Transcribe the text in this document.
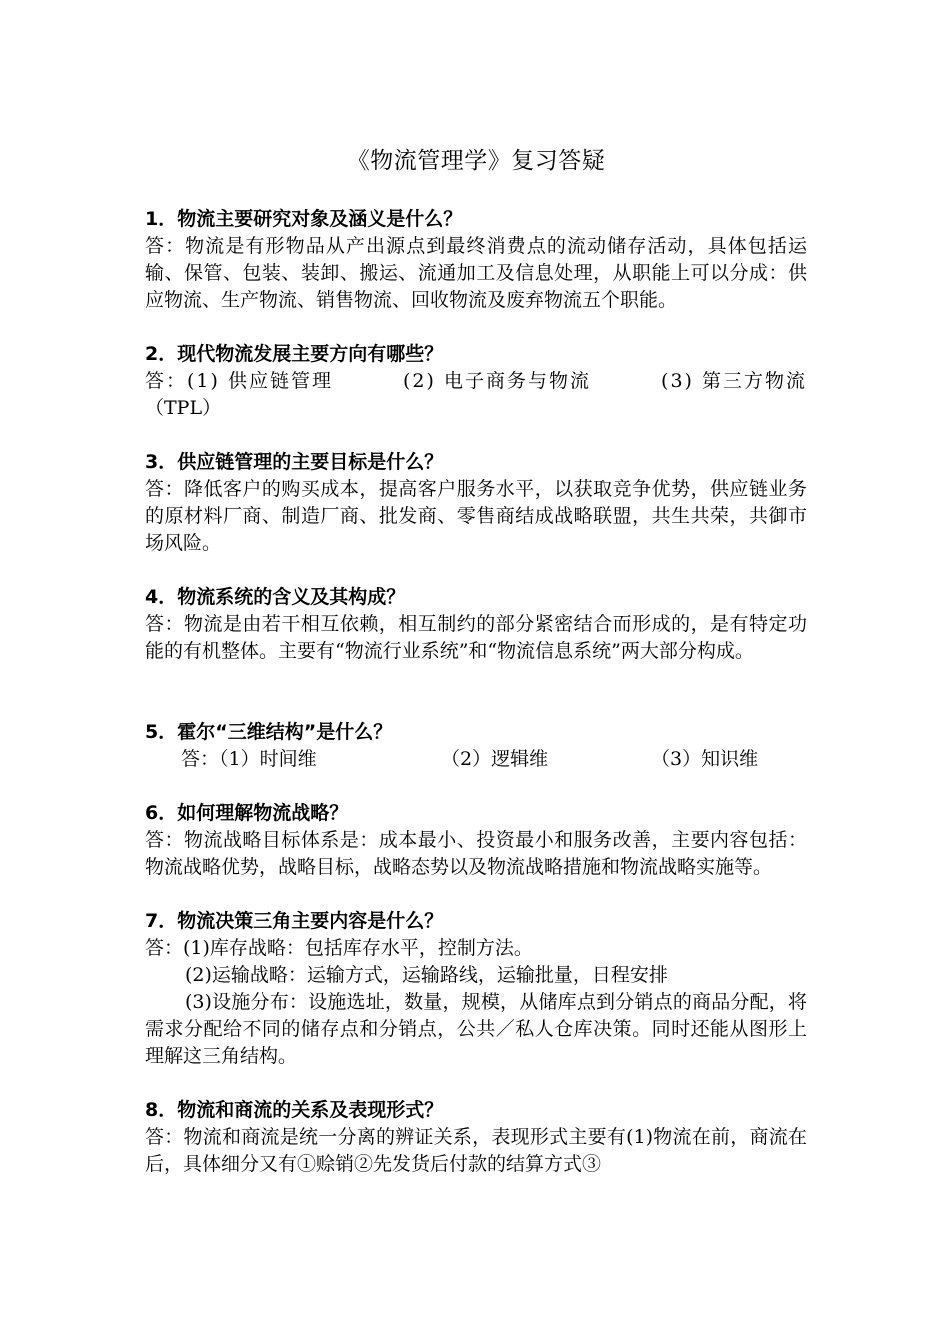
《物流管理学》复习答疑

1．物流主要研究对象及涵义是什么？

答：物流是有形物品从产出源点到最终消费点的流动储存活动，具体包括运输、保管、包装、装卸、搬运、流通加工及信息处理，从职能上可以分成：供应物流、生产物流、销售物流、回收物流及废弃物流五个职能。

2．现代物流发展主要方向有哪些？

答：(1) 供应链管理	(2) 电子商务与物流	(3) 第三方物流

（TPL）

3．供应链管理的主要目标是什么？

答：降低客户的购买成本，提高客户服务水平，以获取竞争优势，供应链业务的原材料厂商、制造厂商、批发商、零售商结成战略联盟，共生共荣，共御市场风险。

4．物流系统的含义及其构成？

答：物流是由若干相互依赖，相互制约的部分紧密结合而形成的，是有特定功能的有机整体。主要有“物流行业系统”和“物流信息系统”两大部分构成。

5．霍尔“三维结构”是什么？

答：（1）时间维	（2）逻辑维	（3）知识维

6．如何理解物流战略？

答：物流战略目标体系是：成本最小、投资最小和服务改善，主要内容包括：物流战略优势，战略目标，战略态势以及物流战略措施和物流战略实施等。

7．物流决策三角主要内容是什么？

答：(1)库存战略：包括库存水平，控制方法。

(2)运输战略：运输方式，运输路线，运输批量，日程安排

(3)设施分布：设施选址，数量，规模，从储库点到分销点的商品分配，将需求分配给不同的储存点和分销点，公共／私人仓库决策。同时还能从图形上理解这三角结构。

8．物流和商流的关系及表现形式？

答：物流和商流是统一分离的辨证关系，表现形式主要有(1)物流在前，商流在后，具体细分又有①赊销②先发货后付款的结算方式③
